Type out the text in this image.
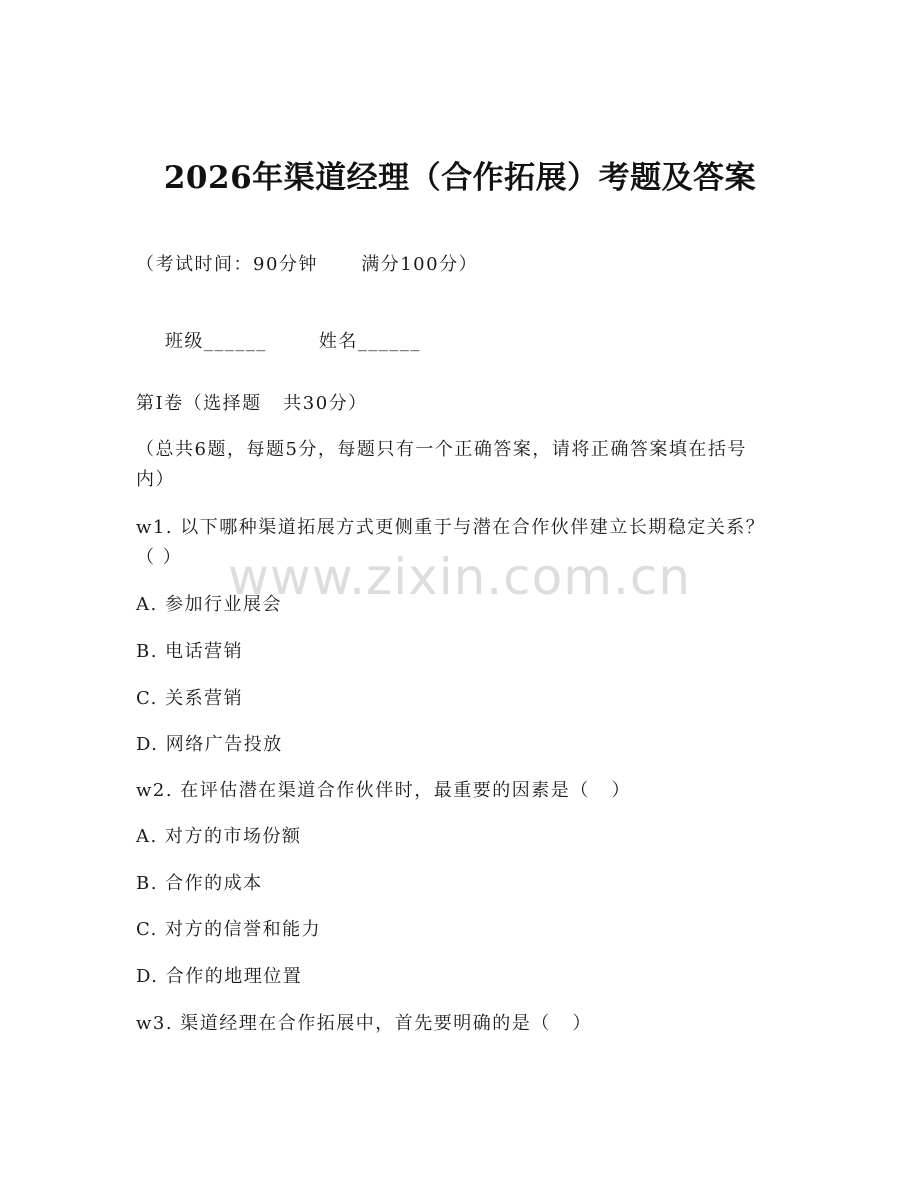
2026年渠道经理（合作拓展）考题及答案
（考试时间：90分钟      满分100分）

班级______	姓名______

第I卷（选择题   共30分）
（总共6题，每题5分，每题只有一个正确答案，请将正确答案填在括号内）
w1. 以下哪种渠道拓展方式更侧重于与潜在合作伙伴建立长期稳定关系？（ ）
A. 参加行业展会
B. 电话营销
C. 关系营销
D. 网络广告投放
w2. 在评估潜在渠道合作伙伴时，最重要的因素是（   ）
A. 对方的市场份额
B. 合作的成本
C. 对方的信誉和能力
D. 合作的地理位置
w3. 渠道经理在合作拓展中，首先要明确的是（   ）
www.zixin.com.cn
